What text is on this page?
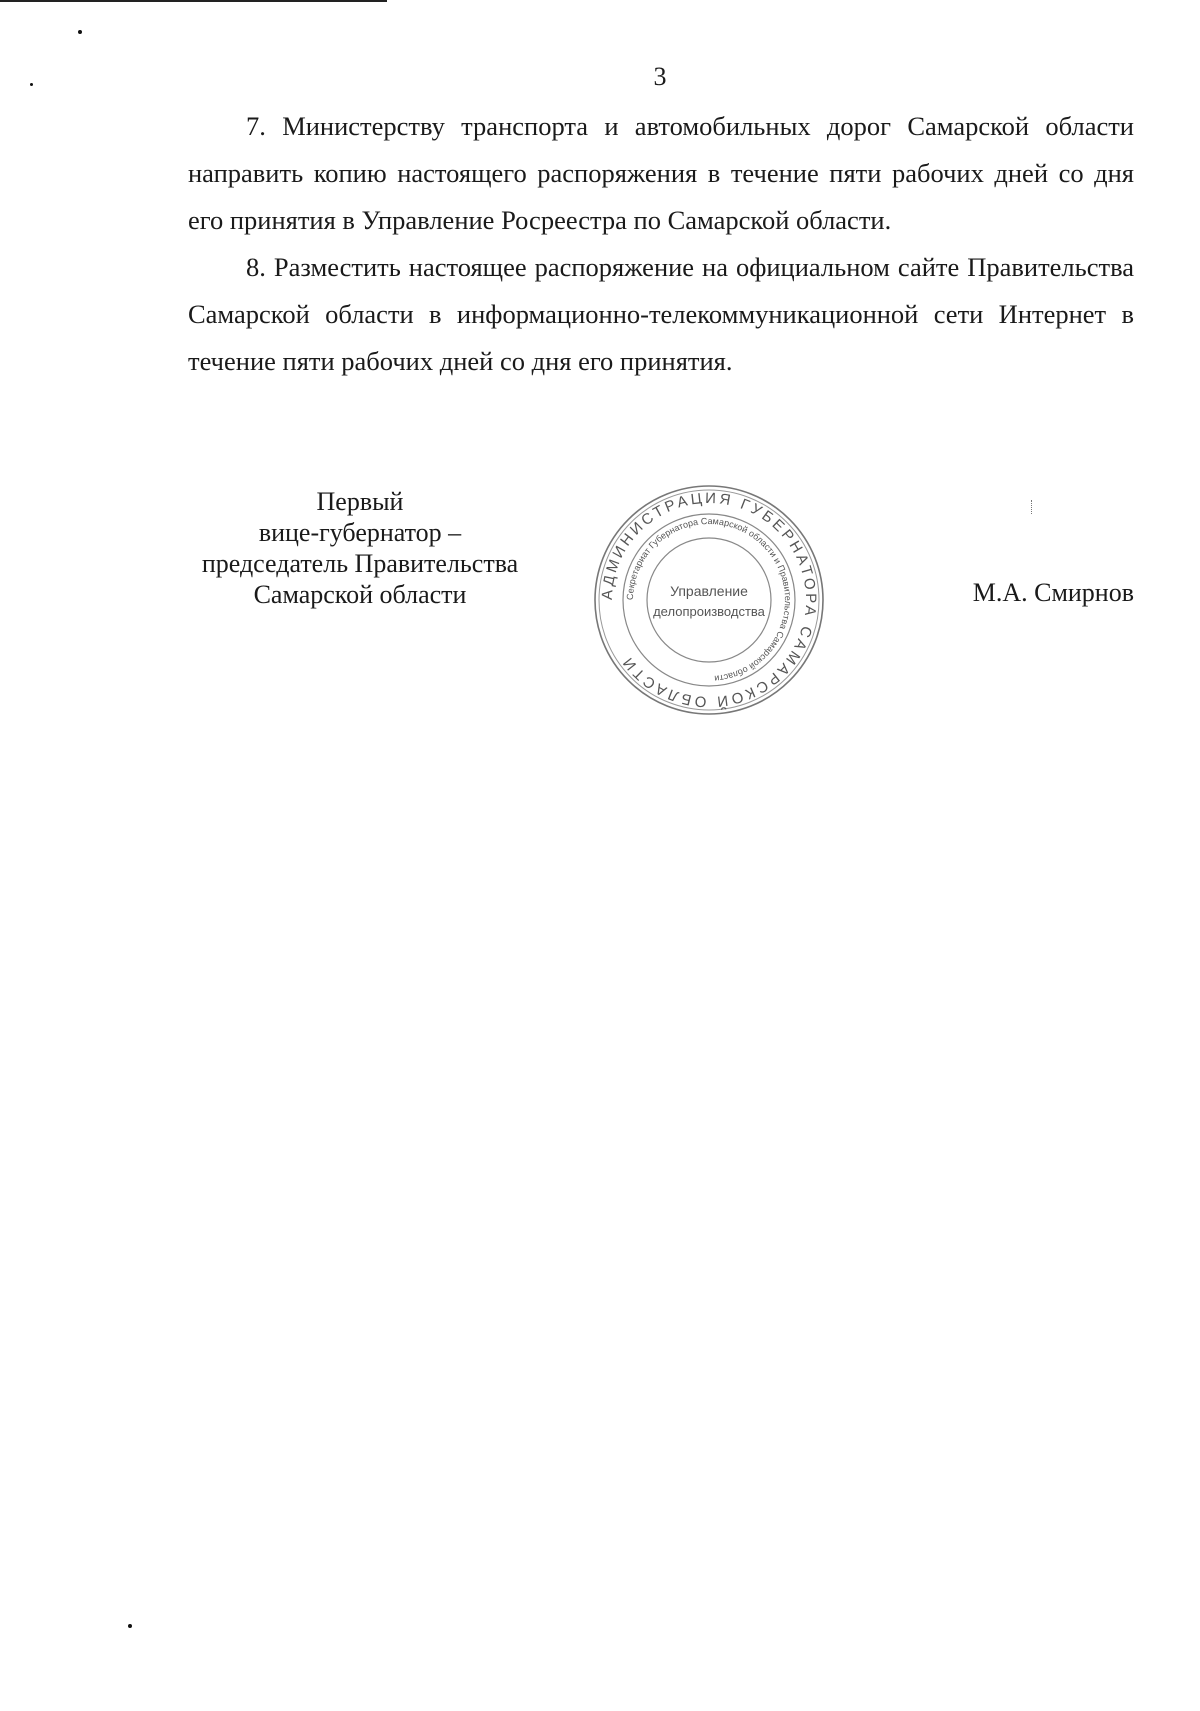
3

7. Министерству транспорта и автомобильных дорог Самарской области направить копию настоящего распоряжения в течение пяти рабочих дней со дня его принятия в Управление Росреестра по Самарской области.

8. Разместить настоящее распоряжение на официальном сайте Правительства Самарской области в информационно-телекоммуникационной сети Интернет в течение пяти рабочих дней со дня его принятия.

Первый
вице-губернатор –
председатель Правительства
Самарской области	АДМИНИСТРАЦИЯ ГУБЕРНАТОРА САМАРСКОЙ ОБЛАСТИ
Секретариат Губернатора Самарской области и Правительства Самарской области
Управление
делопроизводства
М.А. Смирнов
